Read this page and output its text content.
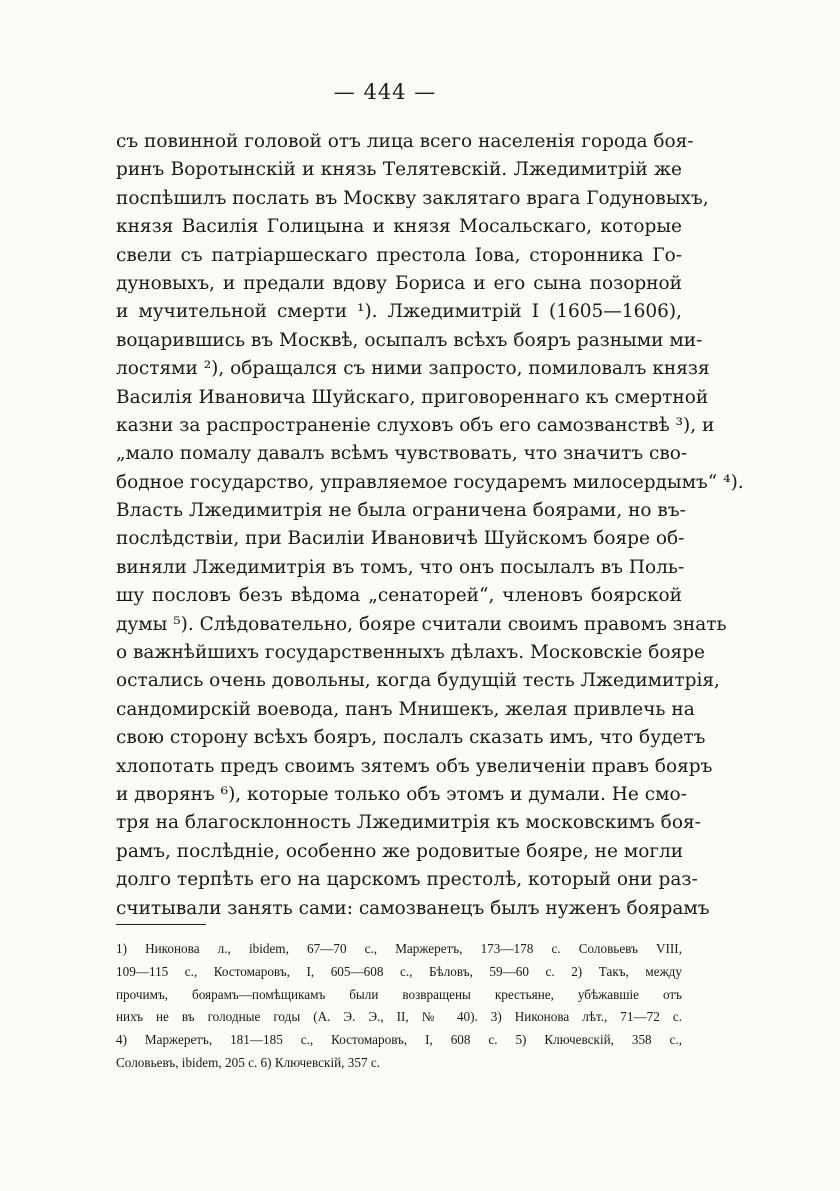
— 444 —
съ повинной головой отъ лица всего населенія города боя-
ринъ Воротынскій и князь Телятевскій. Лжедимитрій же
поспѣшилъ послать въ Москву заклятаго врага Годуновыхъ,
князя Василія Голицына и князя Мосальскаго, которые
свели съ патріаршескаго престола Іова, сторонника Го-
дуновыхъ, и предали вдову Бориса и его сына позорной
и мучительной смерти ¹). Лжедимитрій I (1605—1606),
воцарившись въ Москвѣ, осыпалъ всѣхъ бояръ разными ми-
лостями ²), обращался съ ними запросто, помиловалъ князя
Василія Ивановича Шуйскаго, приговореннаго къ смертной
казни за распространеніе слуховъ объ его самозванствѣ ³), и
„мало помалу давалъ всѣмъ чувствовать, что значитъ сво-
бодное государство, управляемое государемъ милосердымъ“ ⁴).
Власть Лжедимитрія не была ограничена боярами, но въ-
послѣдствіи, при Василіи Ивановичѣ Шуйскомъ бояре об-
виняли Лжедимитрія въ томъ, что онъ посылалъ въ Поль-
шу пословъ безъ вѣдома „сенаторей“, членовъ боярской
думы ⁵). Слѣдовательно, бояре считали своимъ правомъ знать
о важнѣйшихъ государственныхъ дѣлахъ. Московскіе бояре
остались очень довольны, когда будущій тесть Лжедимитрія,
сандомирскій воевода, панъ Мнишекъ, желая привлечь на
свою сторону всѣхъ бояръ, послалъ сказать имъ, что будетъ
хлопотать предъ своимъ зятемъ объ увеличеніи правъ бояръ
и дворянъ ⁶), которые только объ этомъ и думали. Не смо-
тря на благосклонность Лжедимитрія къ московскимъ боя-
рамъ, послѣдніе, особенно же родовитые бояре, не могли
долго терпѣть его на царскомъ престолѣ, который они раз-
считывали занять сами: самозванецъ былъ нуженъ боярамъ
1) Никонова л., ibidem, 67—70 с., Маржеретъ, 173—178 с. Соловьевъ VIII,
109—115 с., Костомаровъ, I, 605—608 с., Бѣловъ, 59—60 с. 2) Такъ, между
прочимъ, боярамъ—помѣщикамъ были возвращены крестьяне, убѣжавшіе отъ
нихъ не въ голодные годы (А. Э. Э., II, № 40). 3) Никонова лѣт., 71—72 с.
4) Маржеретъ, 181—185 с., Костомаровъ, I, 608 с. 5) Ключевскій, 358 с.,
Соловьевъ, ibidem, 205 с. 6) Ключевскій, 357 с.
